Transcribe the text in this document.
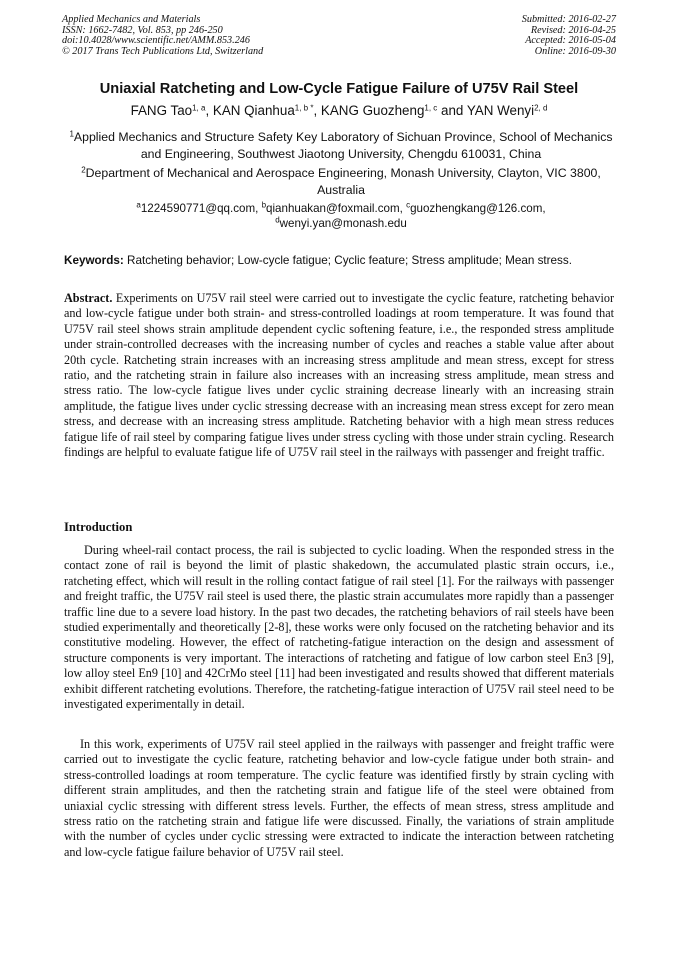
Applied Mechanics and Materials
ISSN: 1662-7482, Vol. 853, pp 246-250
doi:10.4028/www.scientific.net/AMM.853.246
© 2017 Trans Tech Publications Ltd, Switzerland
Submitted: 2016-02-27
Revised: 2016-04-25
Accepted: 2016-05-04
Online: 2016-09-30
Uniaxial Ratcheting and Low-Cycle Fatigue Failure of U75V Rail Steel
FANG Tao$^{1, a}$, KAN Qianhua$^{1, b *}$, KANG Guozheng$^{1, c}$ and YAN Wenyi$^{2, d}$
$^1$Applied Mechanics and Structure Safety Key Laboratory of Sichuan Province, School of Mechanics and Engineering, Southwest Jiaotong University, Chengdu 610031, China
$^2$Department of Mechanical and Aerospace Engineering, Monash University, Clayton, VIC 3800, Australia
$^a$1224590771@qq.com, $^b$qianhuakan@foxmail.com, $^c$guozhengkang@126.com,
$^d$wenyi.yan@monash.edu
Keywords: Ratcheting behavior; Low-cycle fatigue; Cyclic feature; Stress amplitude; Mean stress.
Abstract. Experiments on U75V rail steel were carried out to investigate the cyclic feature, ratcheting behavior and low-cycle fatigue under both strain- and stress-controlled loadings at room temperature. It was found that U75V rail steel shows strain amplitude dependent cyclic softening feature, i.e., the responded stress amplitude under strain-controlled decreases with the increasing number of cycles and reaches a stable value after about 20th cycle. Ratcheting strain increases with an increasing stress amplitude and mean stress, except for stress ratio, and the ratcheting strain in failure also increases with an increasing stress amplitude, mean stress and stress ratio. The low-cycle fatigue lives under cyclic straining decrease linearly with an increasing strain amplitude, the fatigue lives under cyclic stressing decrease with an increasing mean stress except for zero mean stress, and decrease with an increasing stress amplitude. Ratcheting behavior with a high mean stress reduces fatigue life of rail steel by comparing fatigue lives under stress cycling with those under strain cycling. Research findings are helpful to evaluate fatigue life of U75V rail steel in the railways with passenger and freight traffic.
Introduction

During wheel-rail contact process, the rail is subjected to cyclic loading. When the responded stress in the contact zone of rail is beyond the limit of plastic shakedown, the accumulated plastic strain occurs, i.e., ratcheting effect, which will result in the rolling contact fatigue of rail steel [1]. For the railways with passenger and freight traffic, the U75V rail steel is used there, the plastic strain accumulates more rapidly than a passenger traffic line due to a severe load history. In the past two decades, the ratcheting behaviors of rail steels have been studied experimentally and theoretically [2-8], these works were only focused on the ratcheting behavior and its constitutive modeling. However, the effect of ratcheting-fatigue interaction on the design and assessment of structure components is very important. The interactions of ratcheting and fatigue of low carbon steel En3 [9], low alloy steel En9 [10] and 42CrMo steel [11] had been investigated and results showed that different materials exhibit different ratcheting evolutions. Therefore, the ratcheting-fatigue interaction of U75V rail steel need to be investigated experimentally in detail.

In this work, experiments of U75V rail steel applied in the railways with passenger and freight traffic were carried out to investigate the cyclic feature, ratcheting behavior and low-cycle fatigue under both strain- and stress-controlled loadings at room temperature. The cyclic feature was identified firstly by strain cycling with different strain amplitudes, and then the ratcheting strain and fatigue life of the steel were obtained from uniaxial cyclic stressing with different stress levels. Further, the effects of mean stress, stress amplitude and stress ratio on the ratcheting strain and fatigue life were discussed. Finally, the variations of strain amplitude with the number of cycles under cyclic stressing were extracted to indicate the interaction between ratcheting and low-cycle fatigue failure behavior of U75V rail steel.
